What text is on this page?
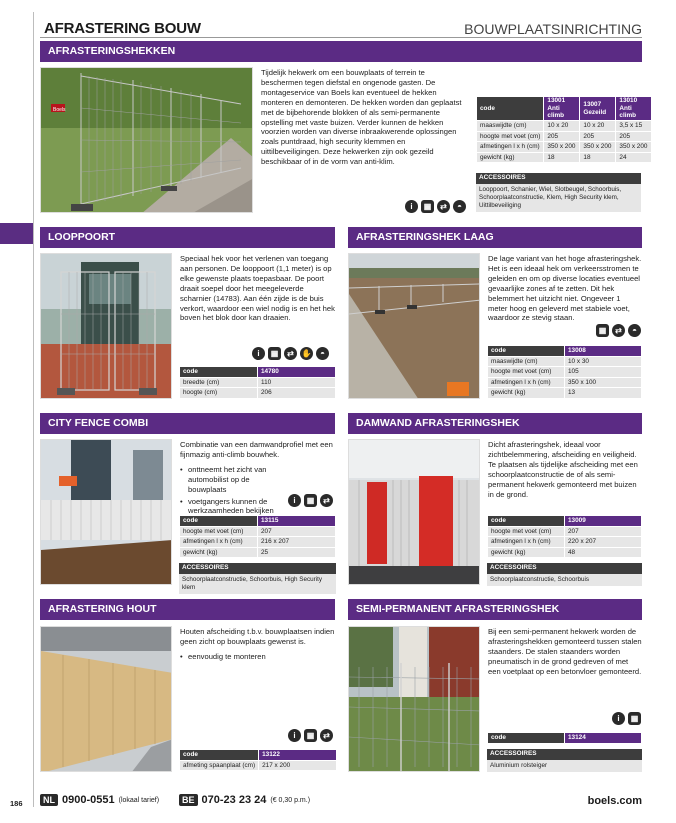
AFRASTERING BOUW	BOUWPLAATSINRICHTING
AFRASTERINGSHEKKEN
Boels
Tijdelijk hekwerk om een bouwplaats of terrein te beschermen tegen diefstal en ongenode gasten. De montageservice van Boels kan eventueel de hekken monteren en demonteren. De hekken worden dan geplaatst met de bijbehorende blokken of als semi-permanente opstelling met vaste buizen. Verder kunnen de hekken voorzien worden van diverse inbraakwerende oplossingen zoals puntdraad, high security klemmen en uittilbeveiligingen. Deze hekwerken zijn ook gezeild beschikbaar of in de vorm van anti-klim.
code	13001 Anti climb	13007 Gezeild	13010 Anti climb
maaswijdte (cm)	10 x 20	10 x 20	3,5 x 15
hoogte met voet (cm)	205	205	205
afmetingen l x h (cm)	350 x 200	350 x 200	350 x 200
gewicht (kg)	18	18	24
ACCESSOIRES
Looppoort, Schanier, Wiel, Slotbeugel, Schoorbuis, Schoorplaatconstructie, Klem, High Security klem, Uittilbeveiliging
i	▦	⇄	◓
LOOPPOORT
Speciaal hek voor het verlenen van toegang aan personen. De looppoort (1,1 meter) is op elke gewenste plaats toepasbaar. De poort draait soepel door het meegeleverde scharnier (14783). Aan één zijde is de buis verkort, waardoor een wiel nodig is en het hek boven het blok door kan draaien.
i	▦	⇄ ✋	◓
code	14780
breedte (cm)	110
hoogte (cm)	206
AFRASTERINGSHEK LAAG
De lage variant van het hoge afrasteringshek. Het is een ideaal hek om verkeersstromen te geleiden en om op diverse locaties eventueel gevaarlijke zones af te zetten. Dit hek belemmert het uitzicht niet. Ongeveer 1 meter hoog en geleverd met stabiele voet, waardoor ze stevig staan.
▦	⇄	◓
code	13008
maaswijdte (cm)	10 x 30
hoogte met voet (cm)	105
afmetingen l x h (cm)	350 x 100
gewicht (kg)	13
CITY FENCE COMBI
Combinatie van een damwandprofiel met een fijnmazig anti-climb bouwhek.
• onttneemt het zicht van automobilist op de bouwplaats
• voetgangers kunnen de werkzaamheden bekijken
i	▦	⇄
code	13115
hoogte met voet (cm)	207
afmetingen l x h (cm)	216 x 207
gewicht (kg)	25
ACCESSOIRES
Schoorplaatconstructie, Schoorbuis, High Security klem
DAMWAND AFRASTERINGSHEK
Dicht afrasteringshek, ideaal voor zichtbelemmering, afscheiding en veiligheid. Te plaatsen als tijdelijke afscheiding met een schoorplaatconstructie de of als semi-permanent hekwerk gemonteerd met buizen in de grond.
code	13009
hoogte met voet (cm)	207
afmetingen l x h (cm)	220 x 207
gewicht (kg)	48
ACCESSOIRES
Schoorplaatconstructie, Schoorbuis
AFRASTERING HOUT
Houten afscheiding t.b.v. bouwplaatsen indien geen zicht op bouwplaats gewenst is.
• eenvoudig te monteren
i	▦	⇄
code	13122
afmeting spaanplaat (cm)	217 x 200
SEMI-PERMANENT AFRASTERINGSHEK
Bij een semi-permanent hekwerk worden de afrasteringshekken gemonteerd tussen stalen staanders. De stalen staanders worden pneumatisch in de grond gedreven of met een voetplaat op een betonvloer gemonteerd.
i	▦
code	13124
ACCESSOIRES
Aluminium rolsteiger
186	NL 0900-0551 (lokaal tarief)	BE 070-23 23 24 (€ 0,30 p.m.)	boels.com
